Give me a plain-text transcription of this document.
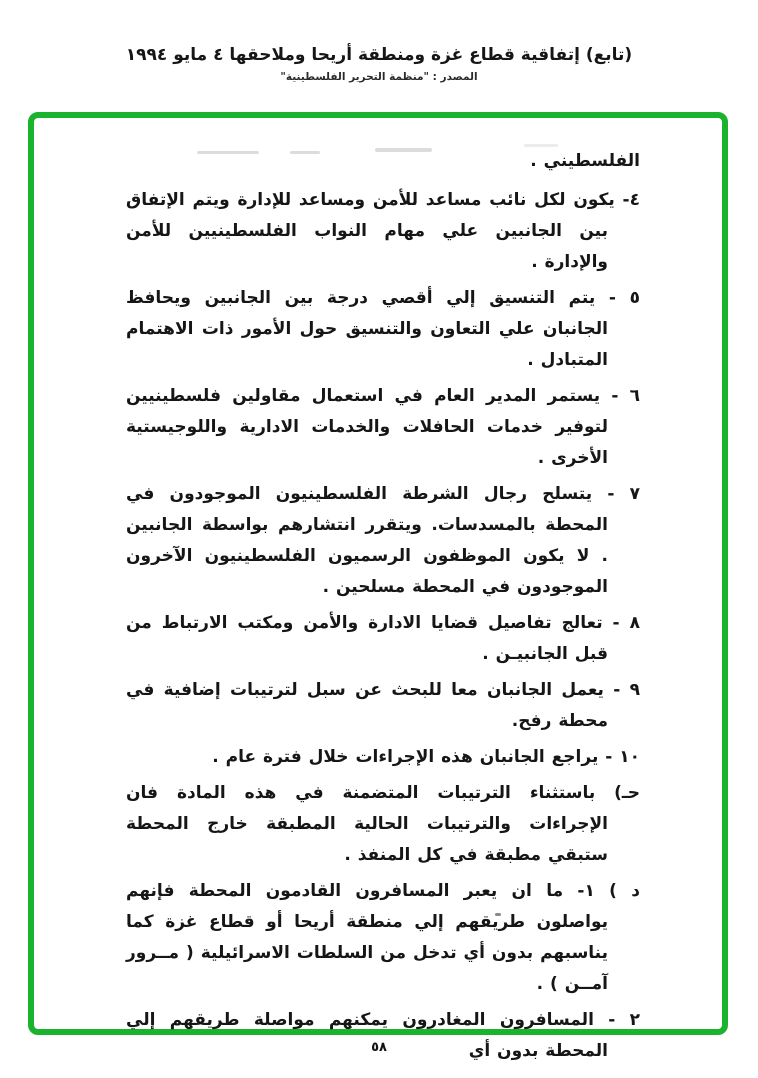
(تابع) إتفاقية قطاع غزة ومنطقة أريحا وملاحقها ٤ مايو ١٩٩٤
المصدر : "منظمة التحرير الفلسطينية"

الفلسطيني .

٤- يكون لكل نائب مساعد للأمن ومساعد للإدارة ويتم الإتفاق بين الجانبين علي مهام النواب الفلسطينيين للأمن والإدارة .

٥ - يتم التنسيق إلي أقصي درجة بين الجانبين ويحافظ الجانبان علي التعاون والتنسيق حول الأمور ذات الاهتمام المتبادل .

٦ - يستمر المدير العام في استعمال مقاولين فلسطينيين لتوفير خدمات الحافلات والخدمات الادارية واللوجيستية الأخرى .

٧ - يتسلح رجال الشرطة الفلسطينيون الموجودون في المحطة بالمسدسات. ويتقرر انتشارهم بواسطة الجانبين . لا يكون الموظفون الرسميون الفلسطينيون الآخرون الموجودون في المحطة مسلحين .

٨ - تعالج تفاصيل قضايا الادارة والأمن ومكتب الارتباط من قبل الجانبيـن .

٩ - يعمل الجانبان معا للبحث عن سبل لترتيبات إضافية في محطة رفح.

١٠ - يراجع الجانبان هذه الإجراءات خلال فترة عام .

حـ) باستثناء الترتيبات المتضمنة في هذه المادة فان الإجراءات والترتيبات الحالية المطبقة خارج المحطة ستبقي مطبقة في كل المنفذ .

د ) ١- ما ان يعبر المسافرون القادمون المحطة فإنهم يواصلون طريقهم إلي منطقة أريحا أو قطاع غزة كما يناسبهم بدون أي تدخل من السلطات الاسرائيلية ( مــرور آمــن ) .

٢ - المسافرون المغادرون يمكنهم مواصلة طريقهم إلي المحطة بدون أي

٥٨
